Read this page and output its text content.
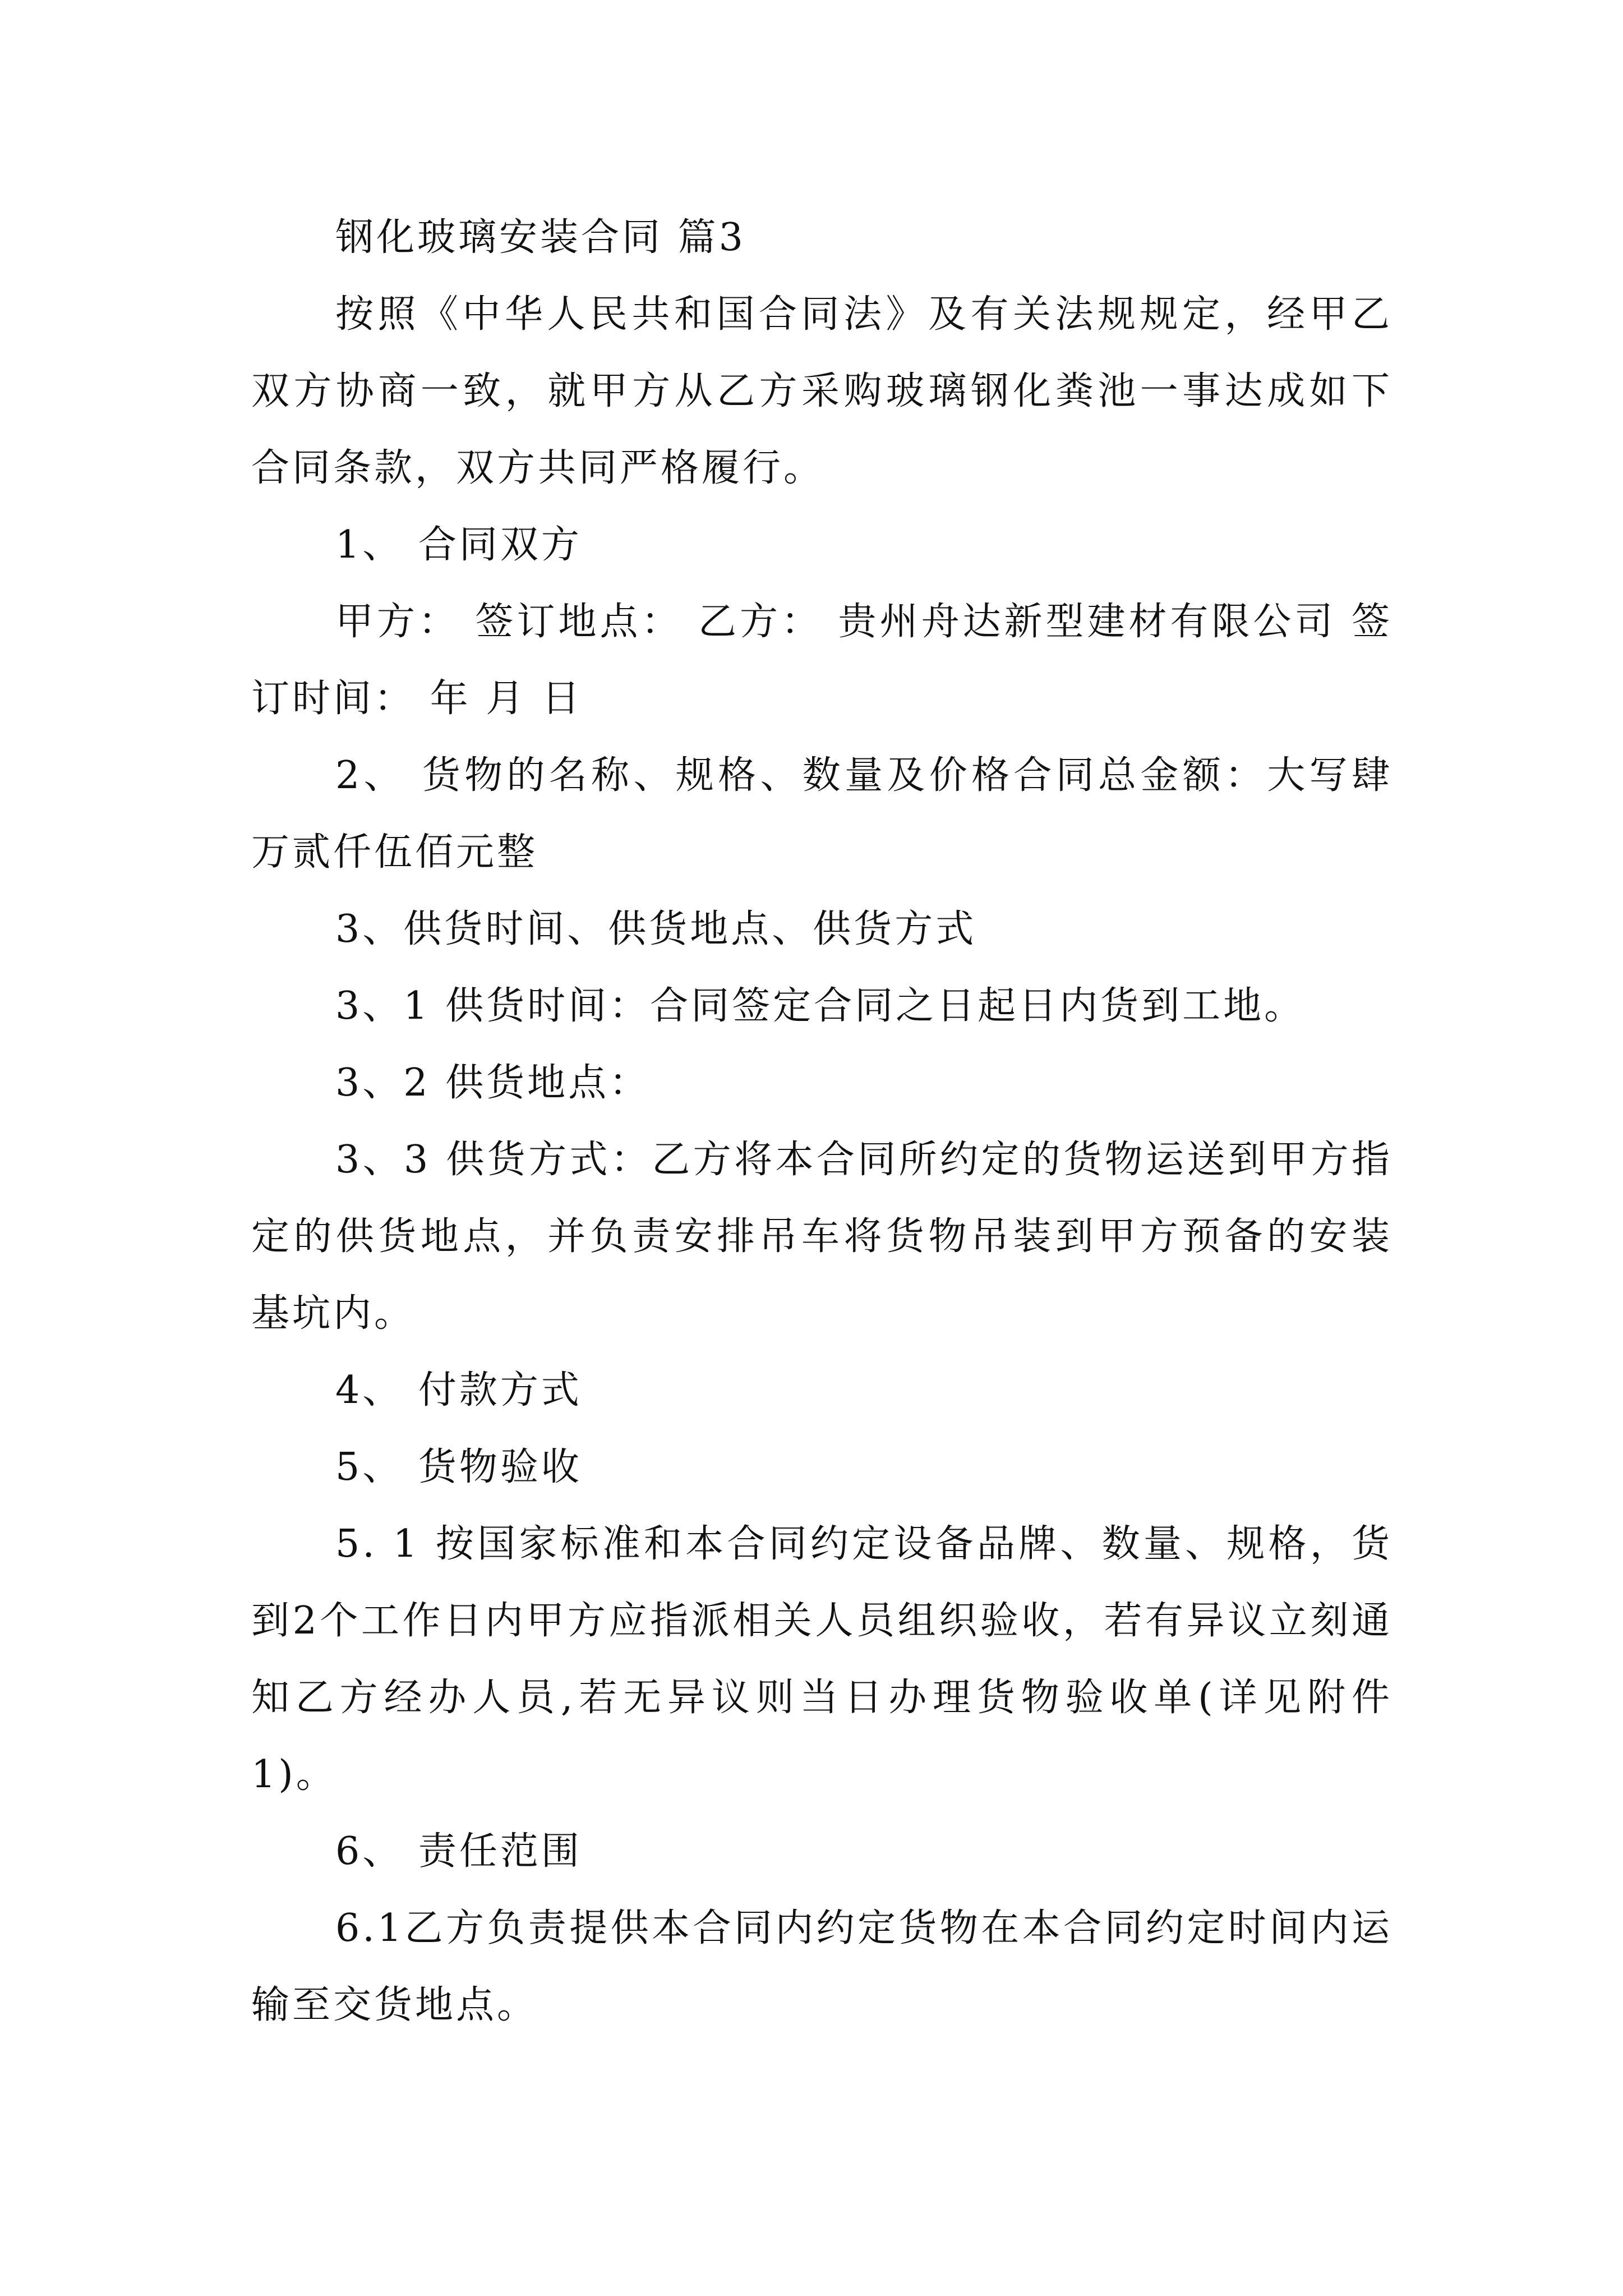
钢化玻璃安装合同 篇3

按照《中华人民共和国合同法》及有关法规规定，经甲乙双方协商一致，就甲方从乙方采购玻璃钢化粪池一事达成如下合同条款，双方共同严格履行。

1、 合同双方

甲方： 签订地点： 乙方： 贵州舟达新型建材有限公司 签订时间： 年 月 日

2、 货物的名称、规格、数量及价格合同总金额：大写肆万贰仟伍佰元整

3、供货时间、供货地点、供货方式

3、1 供货时间：合同签定合同之日起日内货到工地。

3、2 供货地点：

3、3 供货方式：乙方将本合同所约定的货物运送到甲方指定的供货地点，并负责安排吊车将货物吊装到甲方预备的安装基坑内。

4、 付款方式

5、 货物验收

5. 1 按国家标准和本合同约定设备品牌、数量、规格，货到2个工作日内甲方应指派相关人员组织验收，若有异议立刻通知乙方经办人员,若无异议则当日办理货物验收单(详见附件1)。

6、 责任范围

6.1乙方负责提供本合同内约定货物在本合同约定时间内运输至交货地点。
